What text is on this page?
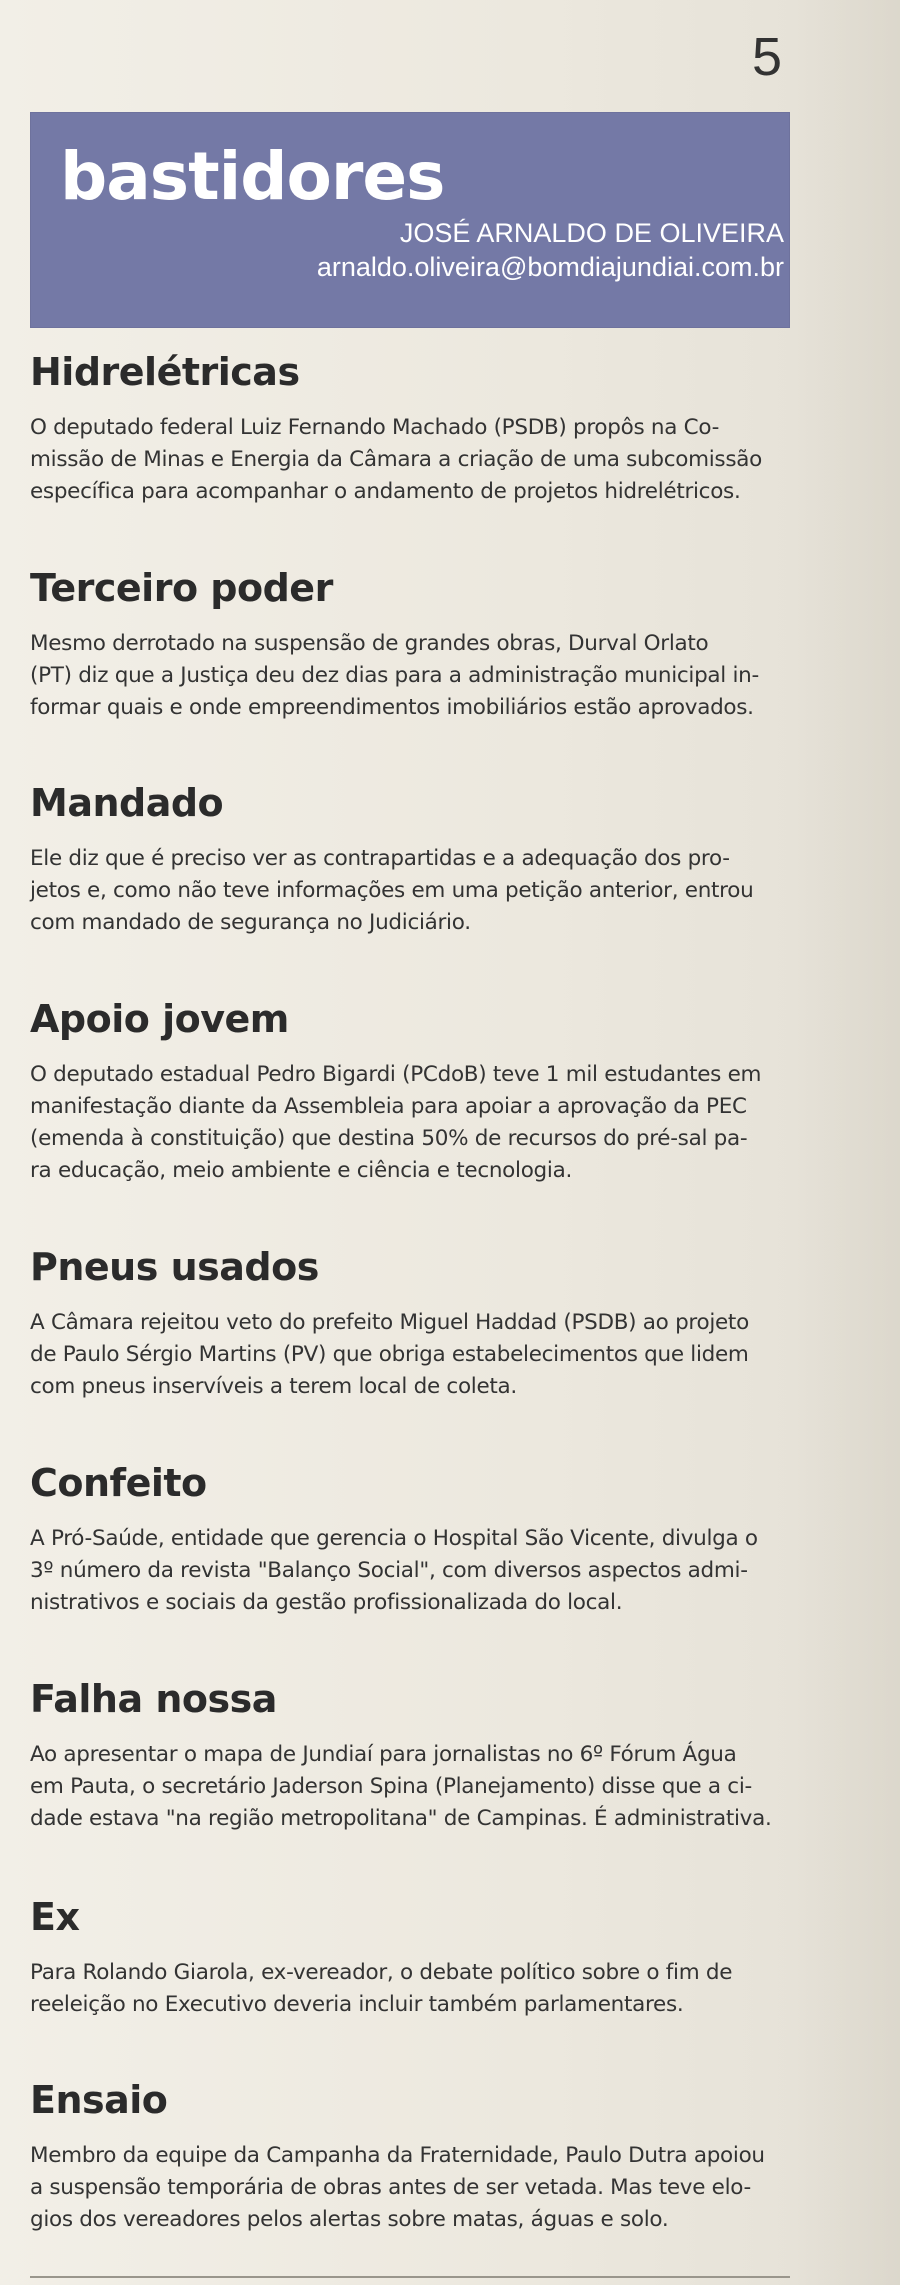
5
bastidores
JOSÉ ARNALDO DE OLIVEIRA
arnaldo.oliveira@bomdiajundiai.com.br
Hidrelétricas

O deputado federal Luiz Fernando Machado (PSDB) propôs na Co-
missão de Minas e Energia da Câmara a criação de uma subcomissão
específica para acompanhar o andamento de projetos hidrelétricos.

Terceiro poder

Mesmo derrotado na suspensão de grandes obras, Durval Orlato
(PT) diz que a Justiça deu dez dias para a administração municipal in-
formar quais e onde empreendimentos imobiliários estão aprovados.

Mandado

Ele diz que é preciso ver as contrapartidas e a adequação dos pro-
jetos e, como não teve informações em uma petição anterior, entrou
com mandado de segurança no Judiciário.

Apoio jovem

O deputado estadual Pedro Bigardi (PCdoB) teve 1 mil estudantes em
manifestação diante da Assembleia para apoiar a aprovação da PEC
(emenda à constituição) que destina 50% de recursos do pré-sal pa-
ra educação, meio ambiente e ciência e tecnologia.

Pneus usados

A Câmara rejeitou veto do prefeito Miguel Haddad (PSDB) ao projeto
de Paulo Sérgio Martins (PV) que obriga estabelecimentos que lidem
com pneus inservíveis a terem local de coleta.

Confeito

A Pró-Saúde, entidade que gerencia o Hospital São Vicente, divulga o
3º número da revista "Balanço Social", com diversos aspectos admi-
nistrativos e sociais da gestão profissionalizada do local.

Falha nossa

Ao apresentar o mapa de Jundiaí para jornalistas no 6º Fórum Água
em Pauta, o secretário Jaderson Spina (Planejamento) disse que a ci-
dade estava "na região metropolitana" de Campinas. É administrativa.

Ex

Para Rolando Giarola, ex-vereador, o debate político sobre o fim de
reeleição no Executivo deveria incluir também parlamentares.

Ensaio

Membro da equipe da Campanha da Fraternidade, Paulo Dutra apoiou
a suspensão temporária de obras antes de ser vetada. Mas teve elo-
gios dos vereadores pelos alertas sobre matas, águas e solo.
